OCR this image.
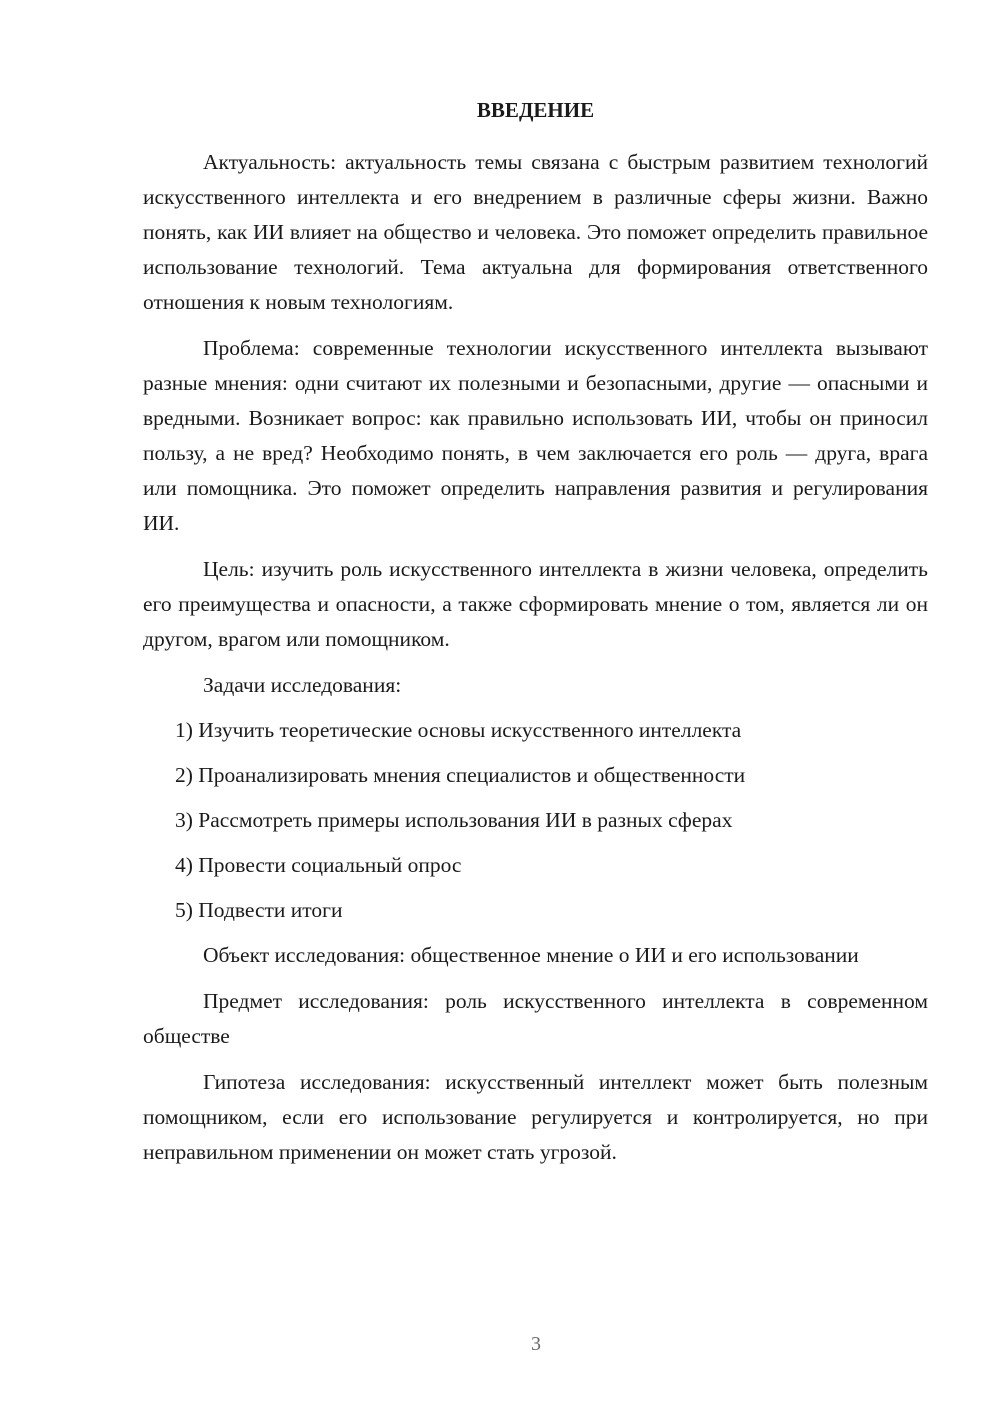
ВВЕДЕНИЕ

Актуальность: актуальность темы связана с быстрым развитием технологий искусственного интеллекта и его внедрением в различные сферы жизни. Важно понять, как ИИ влияет на общество и человека. Это поможет определить правильное использование технологий. Тема актуальна для формирования ответственного отношения к новым технологиям.

Проблема: современные технологии искусственного интеллекта вызывают разные мнения: одни считают их полезными и безопасными, другие — опасными и вредными. Возникает вопрос: как правильно использовать ИИ, чтобы он приносил пользу, а не вред? Необходимо понять, в чем заключается его роль — друга, врага или помощника. Это поможет определить направления развития и регулирования ИИ.

Цель: изучить роль искусственного интеллекта в жизни человека, определить его преимущества и опасности, а также сформировать мнение о том, является ли он другом, врагом или помощником.

Задачи исследования:

1) Изучить теоретические основы искусственного интеллекта
2) Проанализировать мнения специалистов и общественности
3) Рассмотреть примеры использования ИИ в разных сферах
4) Провести социальный опрос
5) Подвести итоги

Объект исследования: общественное мнение о ИИ и его использовании

Предмет исследования: роль искусственного интеллекта в современном обществе

Гипотеза исследования: искусственный интеллект может быть полезным помощником, если его использование регулируется и контролируется, но при неправильном применении он может стать угрозой.

3
